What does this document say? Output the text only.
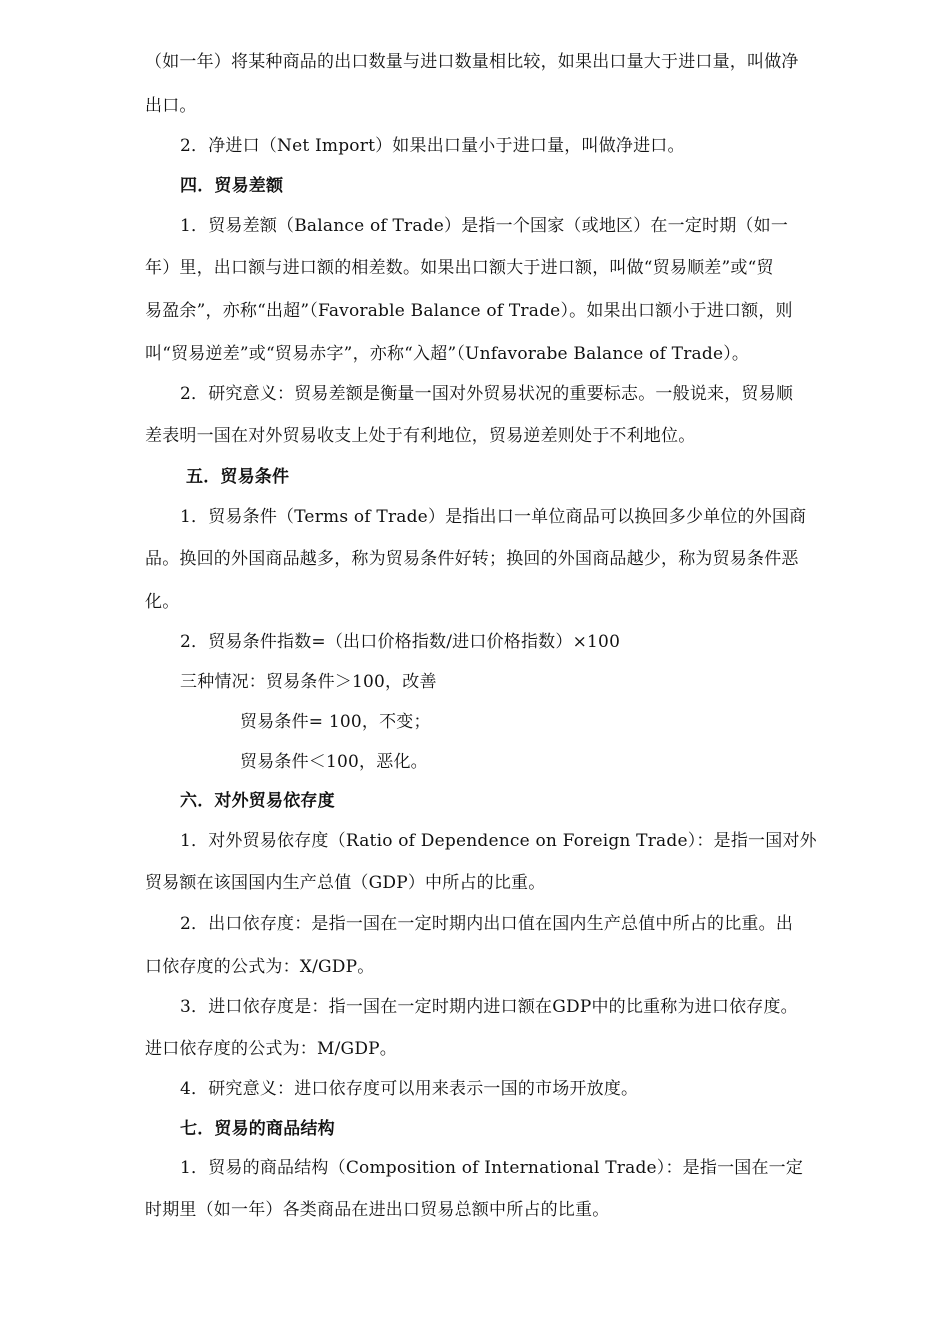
（如一年）将某种商品的出口数量与进口数量相比较，如果出口量大于进口量，叫做净
出口。
2．净进口（Net Import）如果出口量小于进口量，叫做净进口。
四．贸易差额
1．贸易差额（Balance of Trade）是指一个国家（或地区）在一定时期（如一
年）里，出口额与进口额的相差数。如果出口额大于进口额，叫做“贸易顺差”或“贸
易盈余”，亦称“出超”（Favorable Balance of Trade）。如果出口额小于进口额，则
叫“贸易逆差”或“贸易赤字”，亦称“入超”（Unfavorabe Balance of Trade）。
2．研究意义：贸易差额是衡量一国对外贸易状况的重要标志。一般说来，贸易顺
差表明一国在对外贸易收支上处于有利地位，贸易逆差则处于不利地位。
五．贸易条件
1．贸易条件（Terms of Trade）是指出口一单位商品可以换回多少单位的外国商
品。换回的外国商品越多，称为贸易条件好转；换回的外国商品越少，称为贸易条件恶
化。
2．贸易条件指数=（出口价格指数/进口价格指数）×100
三种情况：贸易条件＞100，改善
贸易条件= 100，不变；
贸易条件＜100，恶化。
六．对外贸易依存度
1．对外贸易依存度（Ratio of Dependence on Foreign Trade）：是指一国对外
贸易额在该国国内生产总值（GDP）中所占的比重。
2．出口依存度：是指一国在一定时期内出口值在国内生产总值中所占的比重。出
口依存度的公式为：X/GDP。
3．进口依存度是：指一国在一定时期内进口额在GDP中的比重称为进口依存度。
进口依存度的公式为：M/GDP。
4．研究意义：进口依存度可以用来表示一国的市场开放度。
七．贸易的商品结构
1．贸易的商品结构（Composition of International Trade）：是指一国在一定
时期里（如一年）各类商品在进出口贸易总额中所占的比重。
